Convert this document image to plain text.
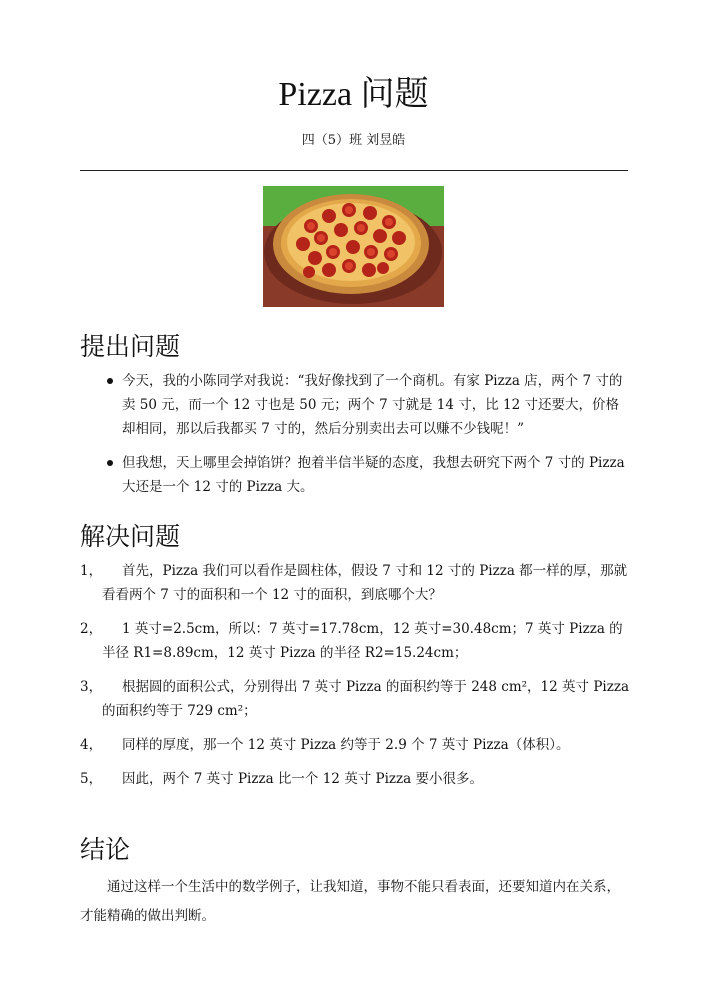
Pizza 问题
四（5）班 刘昱皓
提出问题
今天，我的小陈同学对我说：“我好像找到了一个商机。有家 Pizza 店，两个 7 寸的卖 50 元，而一个 12 寸也是 50 元；两个 7 寸就是 14 寸，比 12 寸还要大，价格却相同，那以后我都买 7 寸的，然后分别卖出去可以赚不少钱呢！”
但我想，天上哪里会掉馅饼？抱着半信半疑的态度，我想去研究下两个 7 寸的 Pizza 大还是一个 12 寸的 Pizza 大。
解决问题
1， 首先，Pizza 我们可以看作是圆柱体，假设 7 寸和 12 寸的 Pizza 都一样的厚，那就看看两个 7 寸的面积和一个 12 寸的面积，到底哪个大？
2， 1 英寸=2.5cm，所以：7 英寸=17.78cm，12 英寸=30.48cm；7 英寸 Pizza 的半径 R1=8.89cm，12 英寸 Pizza 的半径 R2=15.24cm；
3， 根据圆的面积公式，分别得出 7 英寸 Pizza 的面积约等于 248 cm²，12 英寸 Pizza 的面积约等于 729 cm²；
4， 同样的厚度，那一个 12 英寸 Pizza 约等于 2.9 个 7 英寸 Pizza（体积）。
5， 因此，两个 7 英寸 Pizza 比一个 12 英寸 Pizza 要小很多。
结论

通过这样一个生活中的数学例子，让我知道，事物不能只看表面，还要知道内在关系，才能精确的做出判断。
